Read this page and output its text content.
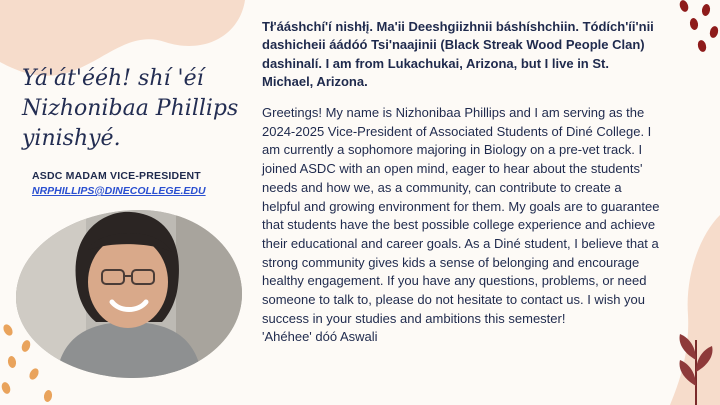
Yá'át'ééh! shí 'éí Nizhonibaa Phillips yinishyé.
ASDC MADAM VICE-PRESIDENT
NRPHILLIPS@DINECOLLEGE.EDU

Tł'ááshchí'í nishłį. Ma'ii Deeshgiizhnii báshíshchiin. Tódích'íi'nii dashicheii áádóó Tsi'naajinii (Black Streak Wood People Clan) dashinalí. I am from Lukachukai, Arizona, but I live in St. Michael, Arizona.

Greetings! My name is Nizhonibaa Phillips and I am serving as the 2024-2025 Vice-President of Associated Students of Diné College. I am currently a sophomore majoring in Biology on a pre-vet track. I joined ASDC with an open mind, eager to hear about the students' needs and how we, as a community, can contribute to create a helpful and growing environment for them. My goals are to guarantee that students have the best possible college experience and achieve their educational and career goals. As a Diné student, I believe that a strong community gives kids a sense of belonging and encourage healthy engagement. If you have any questions, problems, or need someone to talk to, please do not hesitate to contact us. I wish you success in your studies and ambitions this semester!
'Ahéhee' dóó Aswali
